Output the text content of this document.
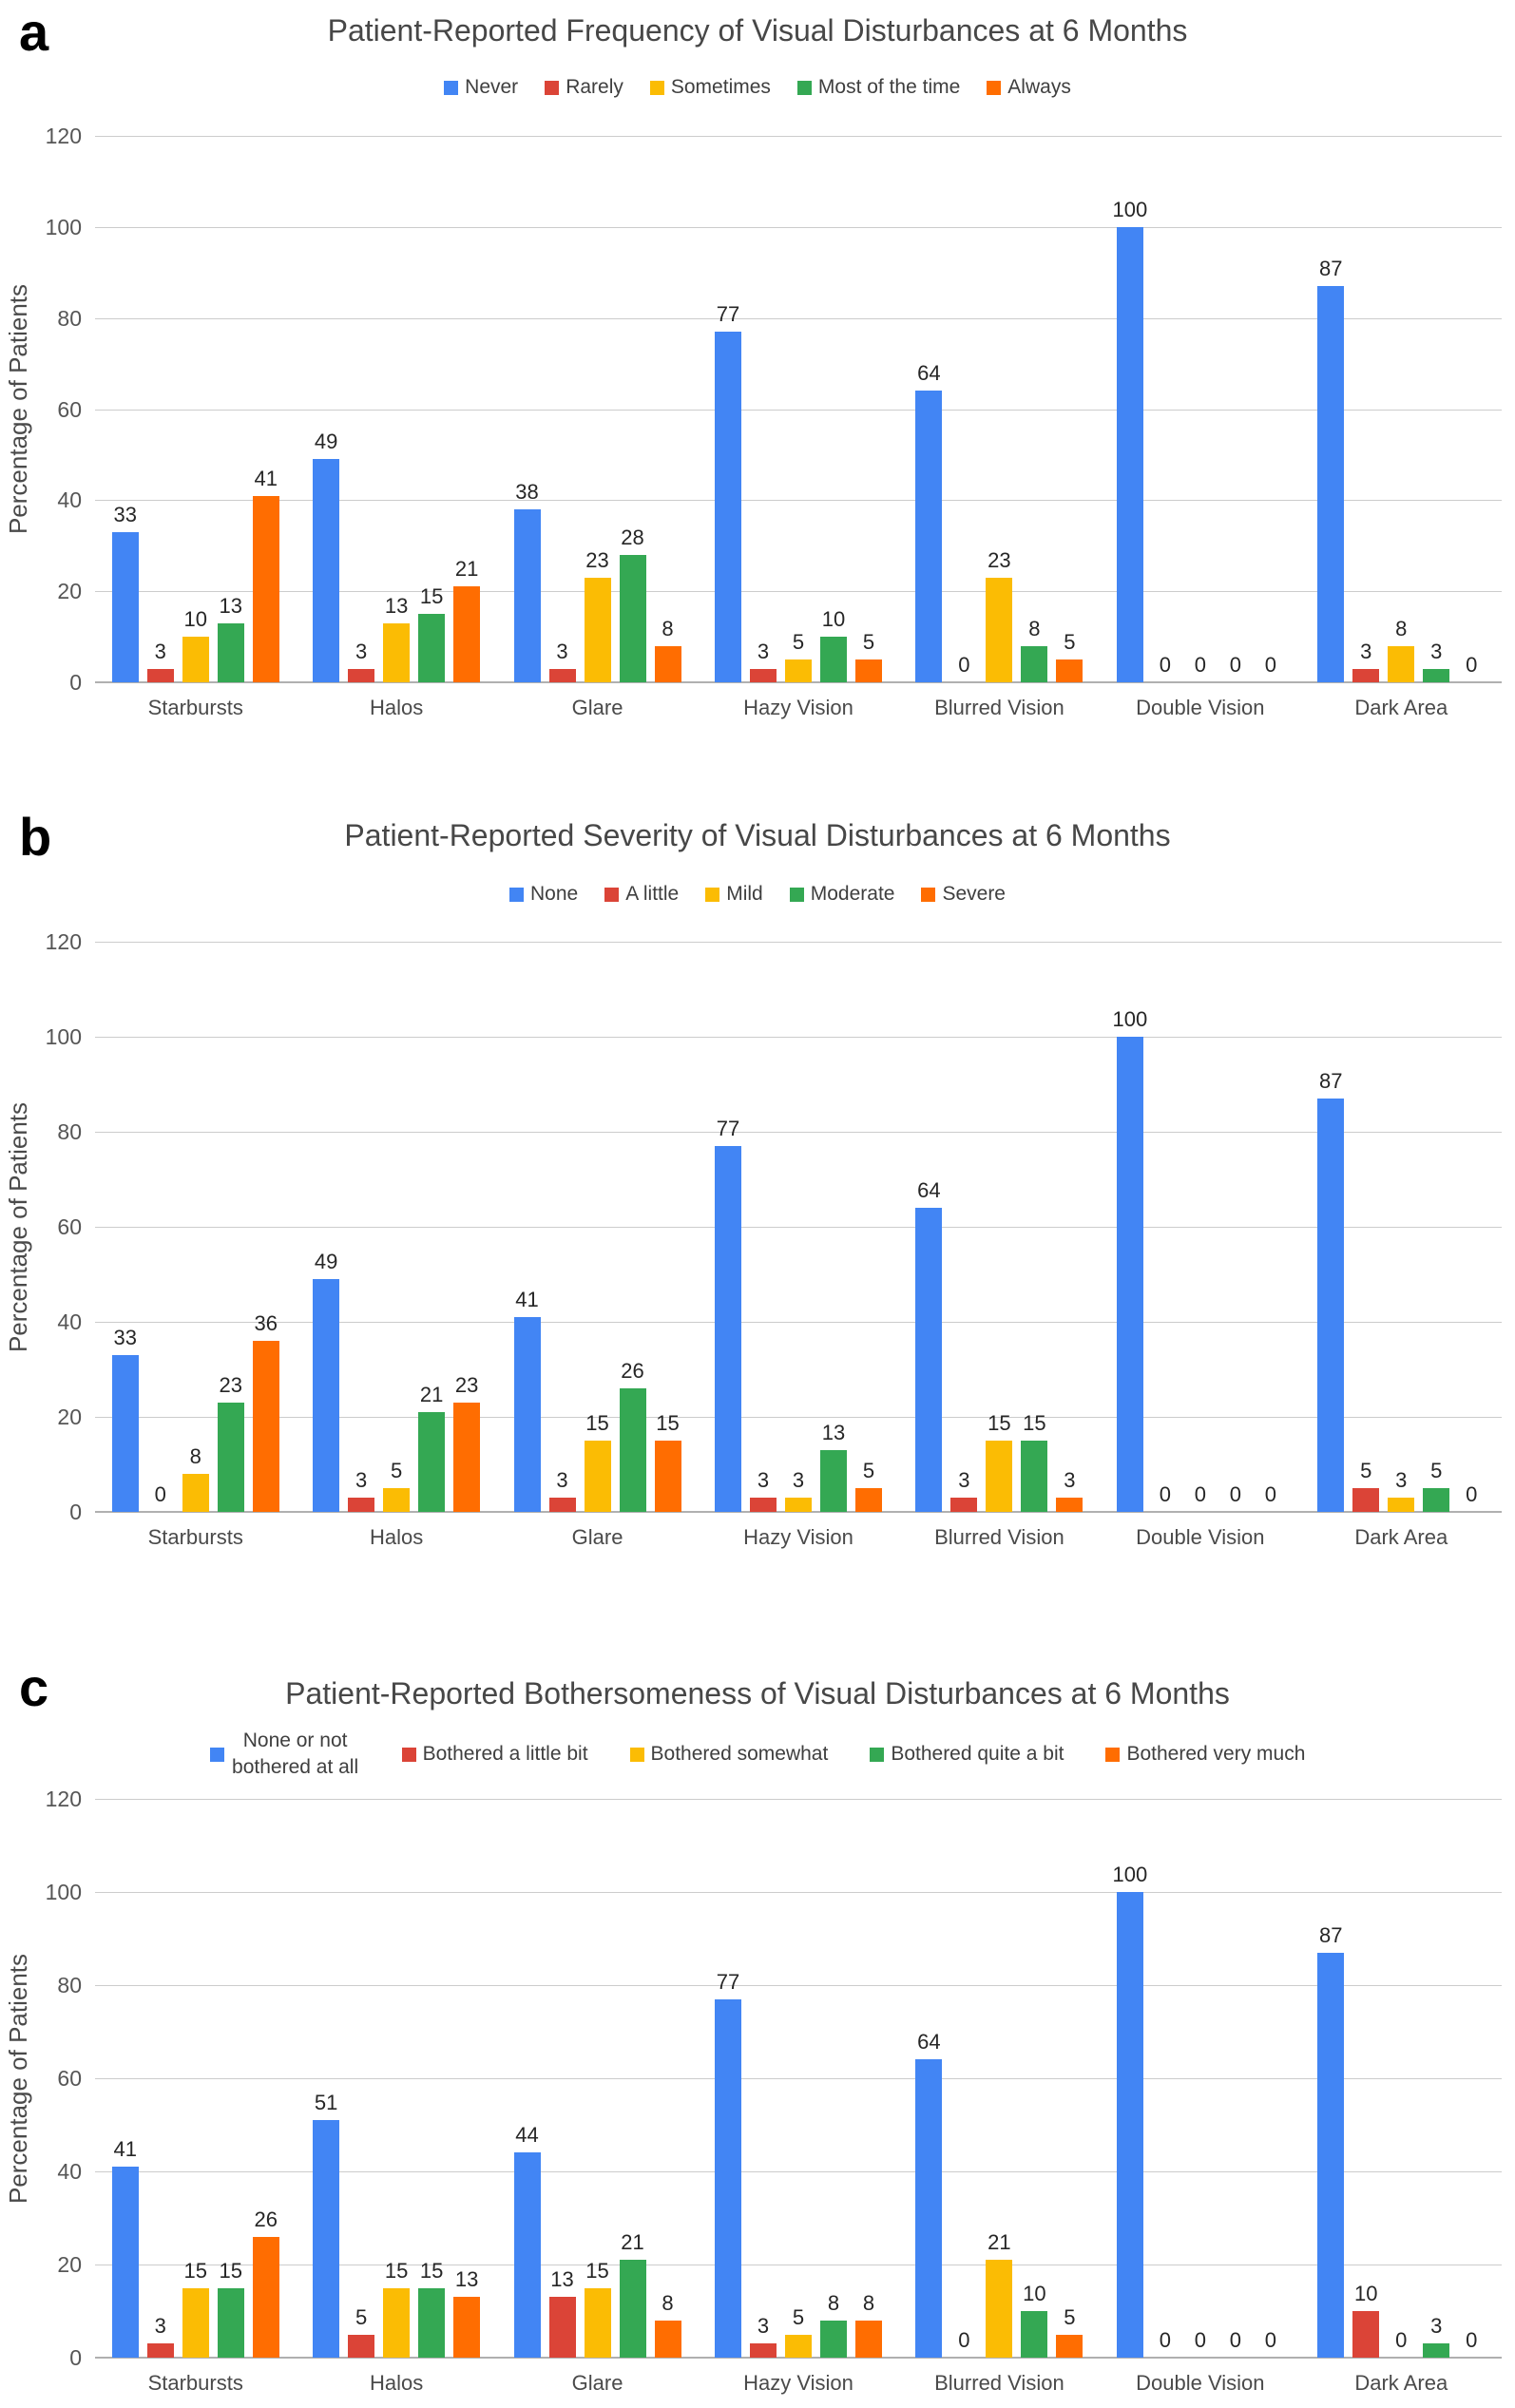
a	Patient-Reported Frequency of Visual Disturbances at 6 Months
Never Rarely Sometimes Most of the time Always
Percentage of Patients
0
20
40
60
80
100
120
33
3
10
13
41
Starbursts
49
3
13 15
21
Halos
38
3
23
28
8
Glare
77
3	5
10
5
Hazy Vision
64
0
23
8
5
Blurred Vision
100
0	0	0	0
Double Vision
87
3
8
3
0
Dark Area
b	Patient-Reported Severity of Visual Disturbances at 6 Months
None A little Mild Moderate Severe
Percentage of Patients
0
20
40
60
80
100
120
33
0
8
23
36
Starbursts
49
3	5
21 23
Halos
41
3
15
26
15
Glare
77
3	3
13
5
Hazy Vision
64
3
15 15
3
Blurred Vision
100
0	0	0	0
Double Vision
87
5	3	5
0
Dark Area
c	Patient-Reported Bothersomeness of Visual Disturbances at 6 Months
None or not bothered at all
Bothered a little bit	Bothered somewhat	Bothered quite a bit	Bothered very much
Percentage of Patients
0
20
40
60
80
100
120
41
3
15 15
26
Starbursts
51
5
15 15 13
Halos
44
13 15
21
8
Glare
77
3	5
8	8
Hazy Vision
64
0
21
10
5
Blurred Vision
100
0	0	0	0
Double Vision
87
10
0
3
0
Dark Area
